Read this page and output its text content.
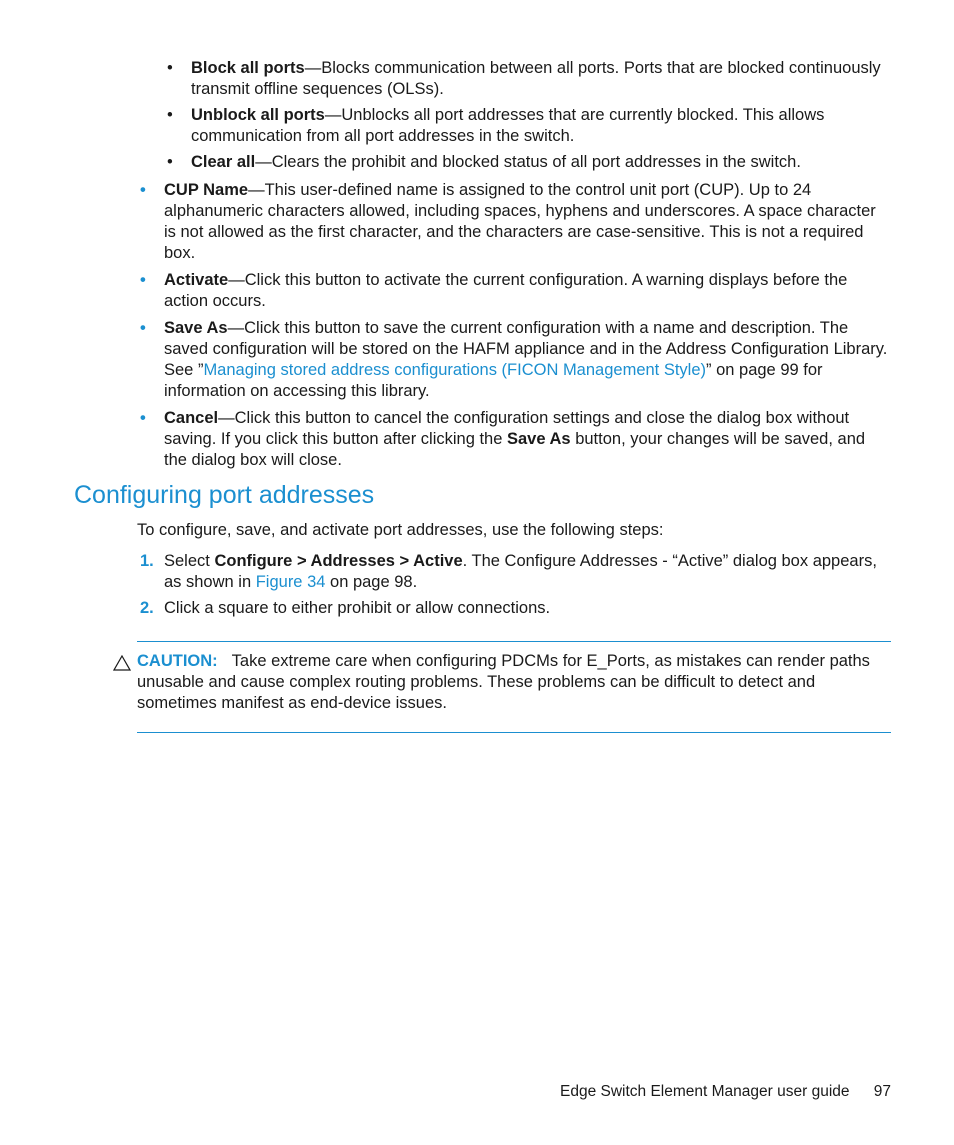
• Block all ports—Blocks communication between all ports. Ports that are blocked continuously transmit offline sequences (OLSs).
• Unblock all ports—Unblocks all port addresses that are currently blocked. This allows communication from all port addresses in the switch.
• Clear all—Clears the prohibit and blocked status of all port addresses in the switch.
• CUP Name—This user-defined name is assigned to the control unit port (CUP). Up to 24 alphanumeric characters allowed, including spaces, hyphens and underscores. A space character is not allowed as the first character, and the characters are case-sensitive. This is not a required box.
• Activate—Click this button to activate the current configuration. A warning displays before the action occurs.
• Save As—Click this button to save the current configuration with a name and description. The saved configuration will be stored on the HAFM appliance and in the Address Configuration Library. See ”Managing stored address configurations (FICON Management Style)” on page 99 for information on accessing this library.
• Cancel—Click this button to cancel the configuration settings and close the dialog box without saving. If you click this button after clicking the Save As button, your changes will be saved, and the dialog box will close.
Configuring port addresses
To configure, save, and activate port addresses, use the following steps:
1. Select Configure > Addresses > Active. The Configure Addresses - “Active” dialog box appears, as shown in Figure 34 on page 98.
2. Click a square to either prohibit or allow connections.
CAUTION: Take extreme care when configuring PDCMs for E_Ports, as mistakes can render paths unusable and cause complex routing problems. These problems can be difficult to detect and sometimes manifest as end-device issues.
Edge Switch Element Manager user guide 97
